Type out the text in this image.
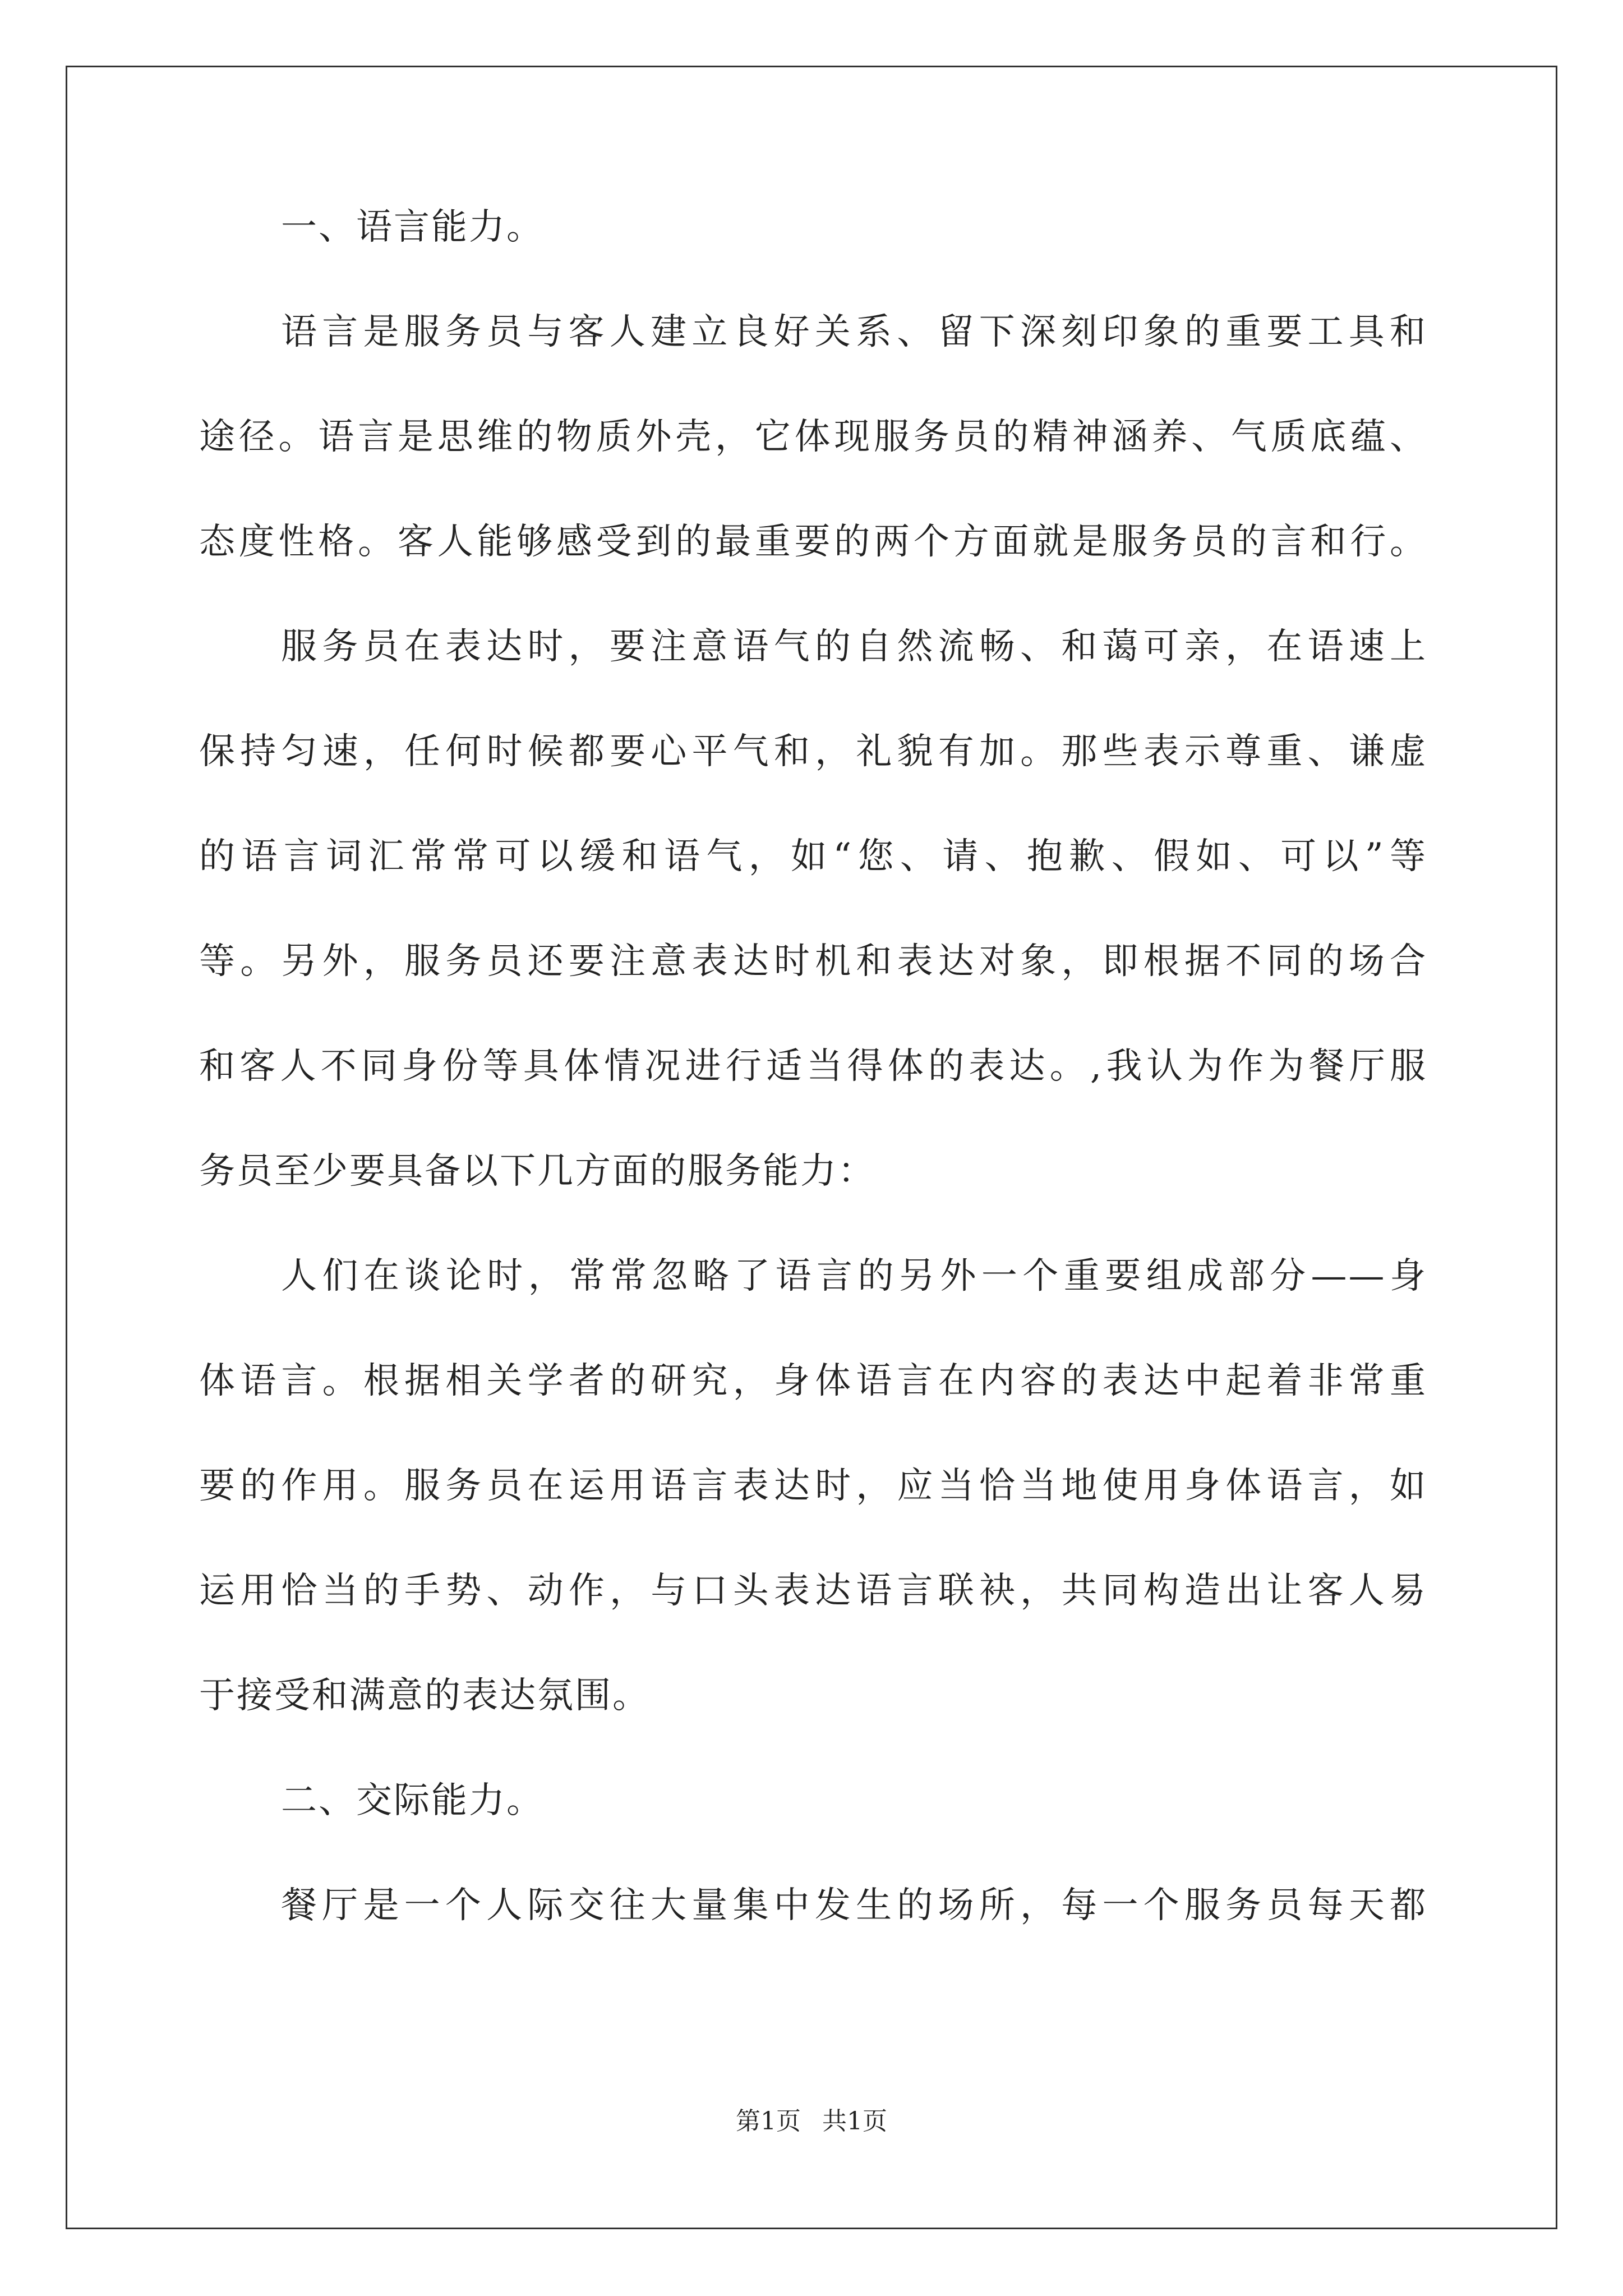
一、语言能力。
语言是服务员与客人建立良好关系、留下深刻印象的重要工具和
途径。语言是思维的物质外壳，它体现服务员的精神涵养、气质底蕴、
态度性格。客人能够感受到的最重要的两个方面就是服务员的言和行。
服务员在表达时，要注意语气的自然流畅、和蔼可亲，在语速上
保持匀速，任何时候都要心平气和，礼貌有加。那些表示尊重、谦虚
的语言词汇常常可以缓和语气，如“您、请、抱歉、假如、可以”等
等。另外，服务员还要注意表达时机和表达对象，即根据不同的场合
和客人不同身份等具体情况进行适当得体的表达。,我认为作为餐厅服
务员至少要具备以下几方面的服务能力：
人们在谈论时，常常忽略了语言的另外一个重要组成部分——身
体语言。根据相关学者的研究，身体语言在内容的表达中起着非常重
要的作用。服务员在运用语言表达时，应当恰当地使用身体语言，如
运用恰当的手势、动作，与口头表达语言联袂，共同构造出让客人易
于接受和满意的表达氛围。
二、交际能力。
餐厅是一个人际交往大量集中发生的场所，每一个服务员每天都
第1页 共1页
